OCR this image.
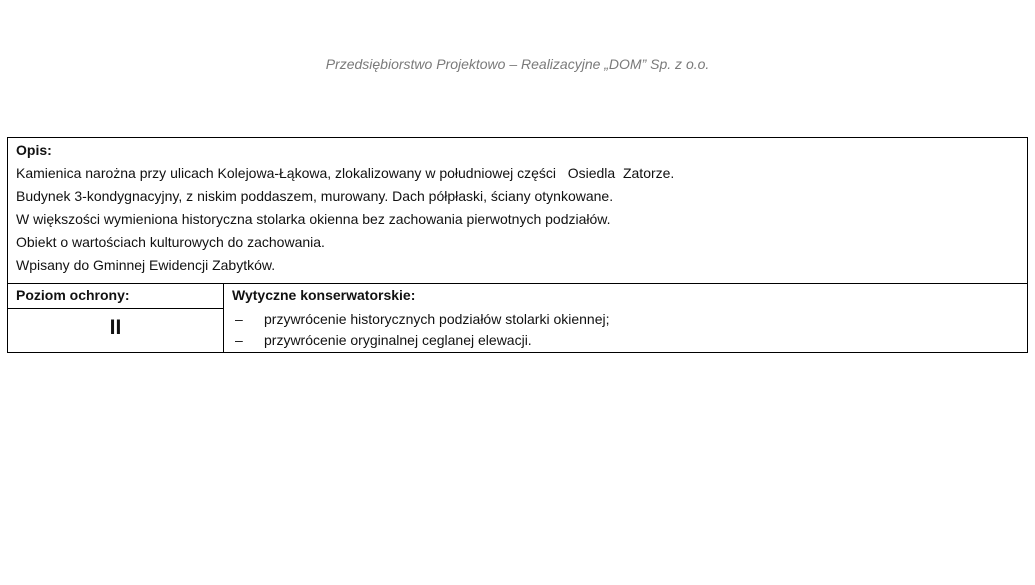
Przedsiębiorstwo Projektowo – Realizacyjne „DOM” Sp. z o.o.
Opis:
Kamienica narożna przy ulicach Kolejowa-Łąkowa, zlokalizowany w południowej części   Osiedla  Zatorze.
Budynek 3-kondygnacyjny, z niskim poddaszem, murowany. Dach półpłaski, ściany otynkowane.
W większości wymieniona historyczna stolarka okienna bez zachowania pierwotnych podziałów.
Obiekt o wartościach kulturowych do zachowania.
Wpisany do Gminnej Ewidencji Zabytków.
Poziom ochrony:
II
Wytyczne konserwatorskie:
–	przywrócenie historycznych podziałów stolarki okiennej;
–	przywrócenie oryginalnej ceglanej elewacji.
